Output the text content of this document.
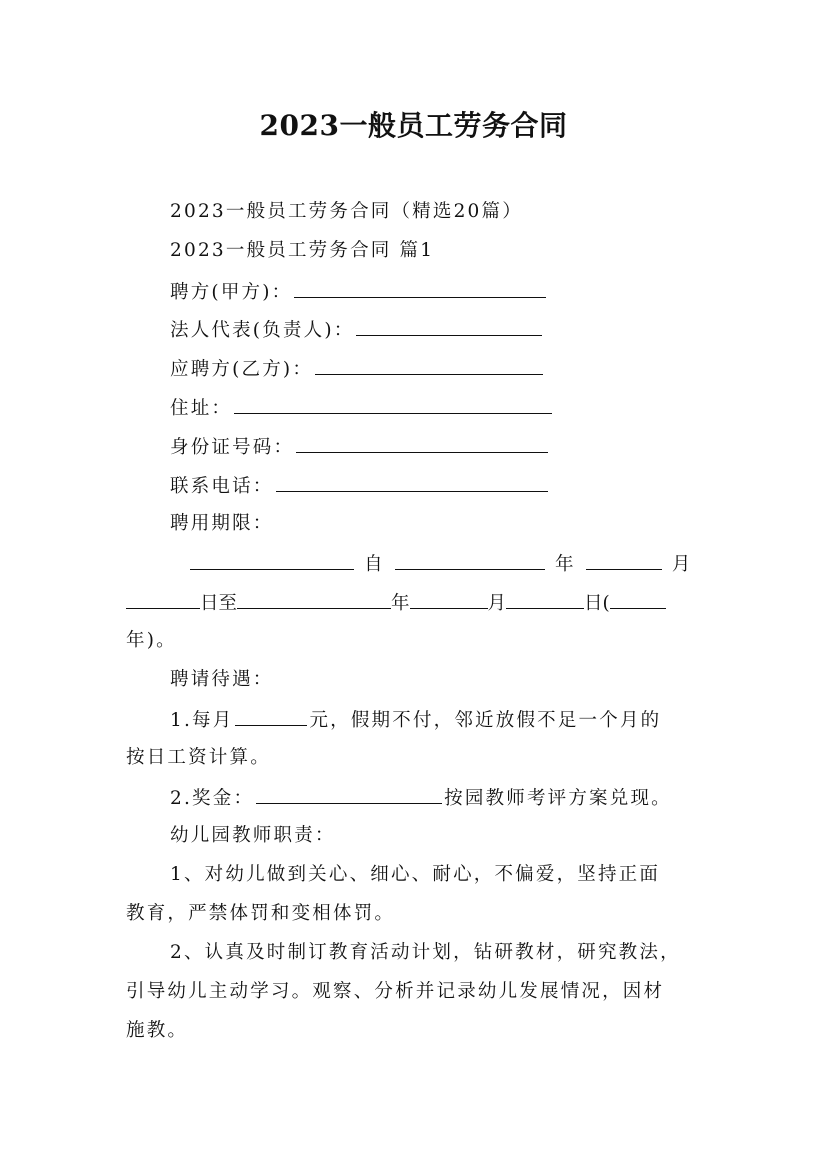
2023一般员工劳务合同
2023一般员工劳务合同（精选20篇）
2023一般员工劳务合同 篇1
聘方(甲方)：
法人代表(负责人)：
应聘方(乙方)：
住址：
身份证号码：
联系电话：
聘用期限：
自	年	月
日至	年	月	日(
年)。
聘请待遇：
1.每月	元，假期不付，邻近放假不足一个月的
按日工资计算。
2.奖金：	按园教师考评方案兑现。
幼儿园教师职责：
1、对幼儿做到关心、细心、耐心，不偏爱，坚持正面
教育，严禁体罚和变相体罚。
2、认真及时制订教育活动计划，钻研教材，研究教法，
引导幼儿主动学习。观察、分析并记录幼儿发展情况，因材
施教。
